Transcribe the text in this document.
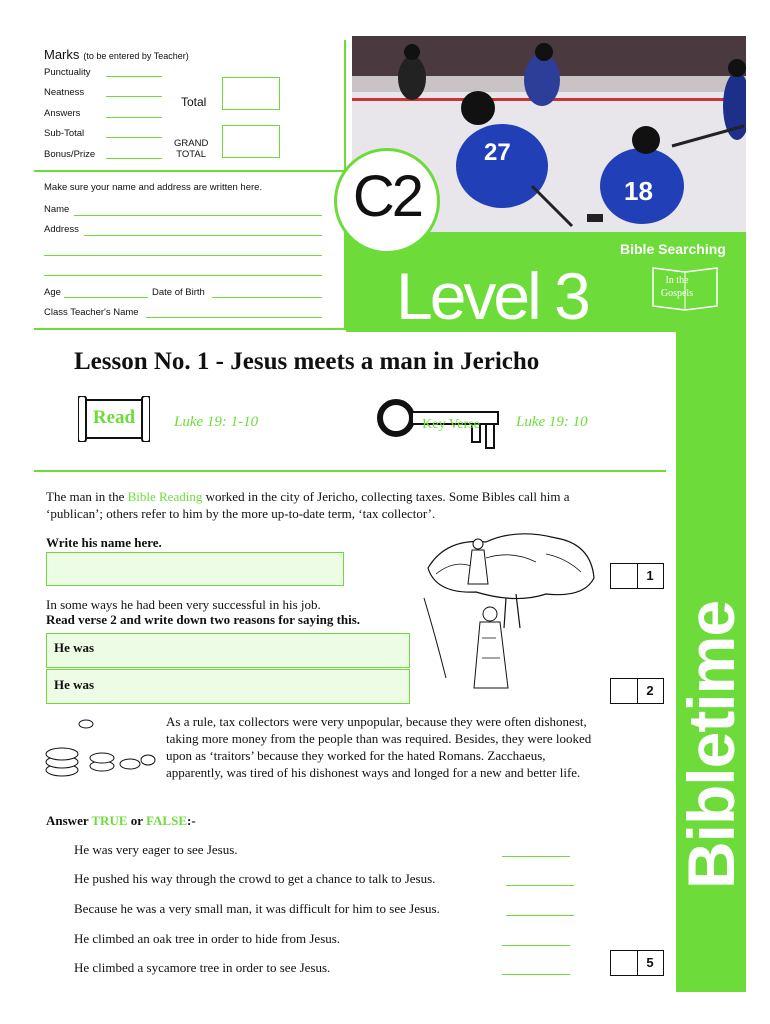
Marks (to be entered by Teacher)
Punctuality
Neatness
Answers
Sub-Total
Bonus/Prize
Total
GRAND
TOTAL
Make sure your name and address are written here.
Name
Address
Age	Date of Birth
Class Teacher's Name
27
18
Bible Searching
In the
Gospels
Level 3
Bibletime
C2
Lesson No. 1 - Jesus meets a man in Jericho
Read	Luke 19: 1-10	Key Verse	Luke 19: 10
The man in the Bible Reading worked in the city of Jericho, collecting taxes. Some Bibles call him a ‘publican’; others refer to him by the more up-to-date term, ‘tax collector’.
Write his name here.
In some ways he had been very successful in his job.
Read verse 2 and write down two reasons for saying this.
He was
He was
As a rule, tax collectors were very unpopular, because they were often dishonest, taking more money from the people than was required. Besides, they were looked upon as ‘traitors’ because they worked for the hated Romans. Zacchaeus, apparently, was tired of his dishonest ways and longed for a new and better life.
Answer TRUE or FALSE:-
He was very eager to see Jesus.
He pushed his way through the crowd to get a chance to talk to Jesus.
Because he was a very small man, it was difficult for him to see Jesus.
He climbed an oak tree in order to hide from Jesus.
He climbed a sycamore tree in order to see Jesus.
1
2
5
